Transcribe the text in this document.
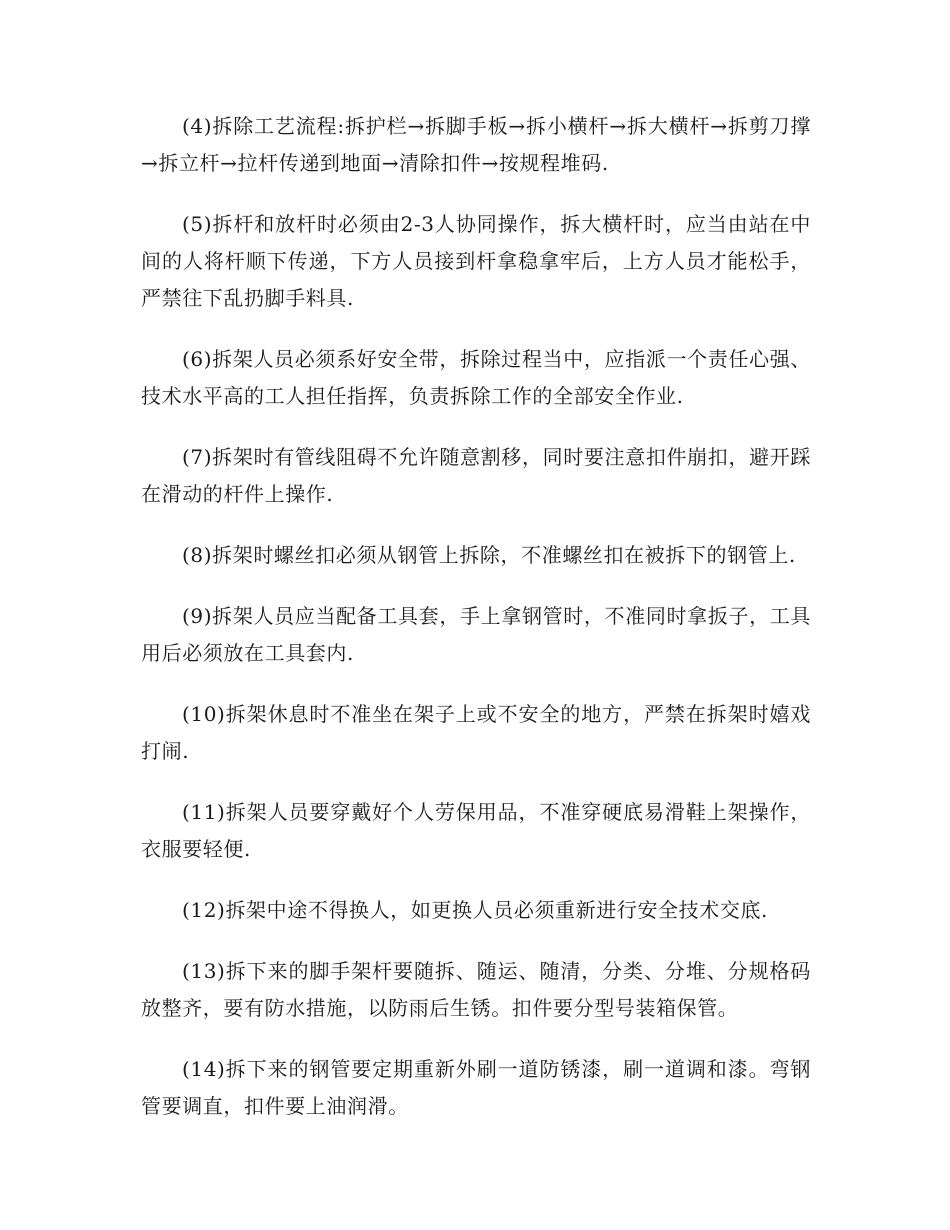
(4)拆除工艺流程:拆护栏→拆脚手板→拆小横杆→拆大横杆→拆剪刀撑→拆立杆→拉杆传递到地面→清除扣件→按规程堆码.

(5)拆杆和放杆时必须由2-3人协同操作，拆大横杆时，应当由站在中间的人将杆顺下传递，下方人员接到杆拿稳拿牢后，上方人员才能松手，严禁往下乱扔脚手料具.

(6)拆架人员必须系好安全带，拆除过程当中，应指派一个责任心强、技术水平高的工人担任指挥，负责拆除工作的全部安全作业.

(7)拆架时有管线阻碍不允许随意割移，同时要注意扣件崩扣，避开踩在滑动的杆件上操作.

(8)拆架时螺丝扣必须从钢管上拆除，不准螺丝扣在被拆下的钢管上.

(9)拆架人员应当配备工具套，手上拿钢管时，不准同时拿扳子，工具用后必须放在工具套内.

(10)拆架休息时不准坐在架子上或不安全的地方，严禁在拆架时嬉戏打闹.

(11)拆架人员要穿戴好个人劳保用品，不准穿硬底易滑鞋上架操作，衣服要轻便.

(12)拆架中途不得换人，如更换人员必须重新进行安全技术交底.

(13)拆下来的脚手架杆要随拆、随运、随清，分类、分堆、分规格码放整齐，要有防水措施，以防雨后生锈。扣件要分型号装箱保管。

(14)拆下来的钢管要定期重新外刷一道防锈漆，刷一道调和漆。弯钢管要调直，扣件要上油润滑。
